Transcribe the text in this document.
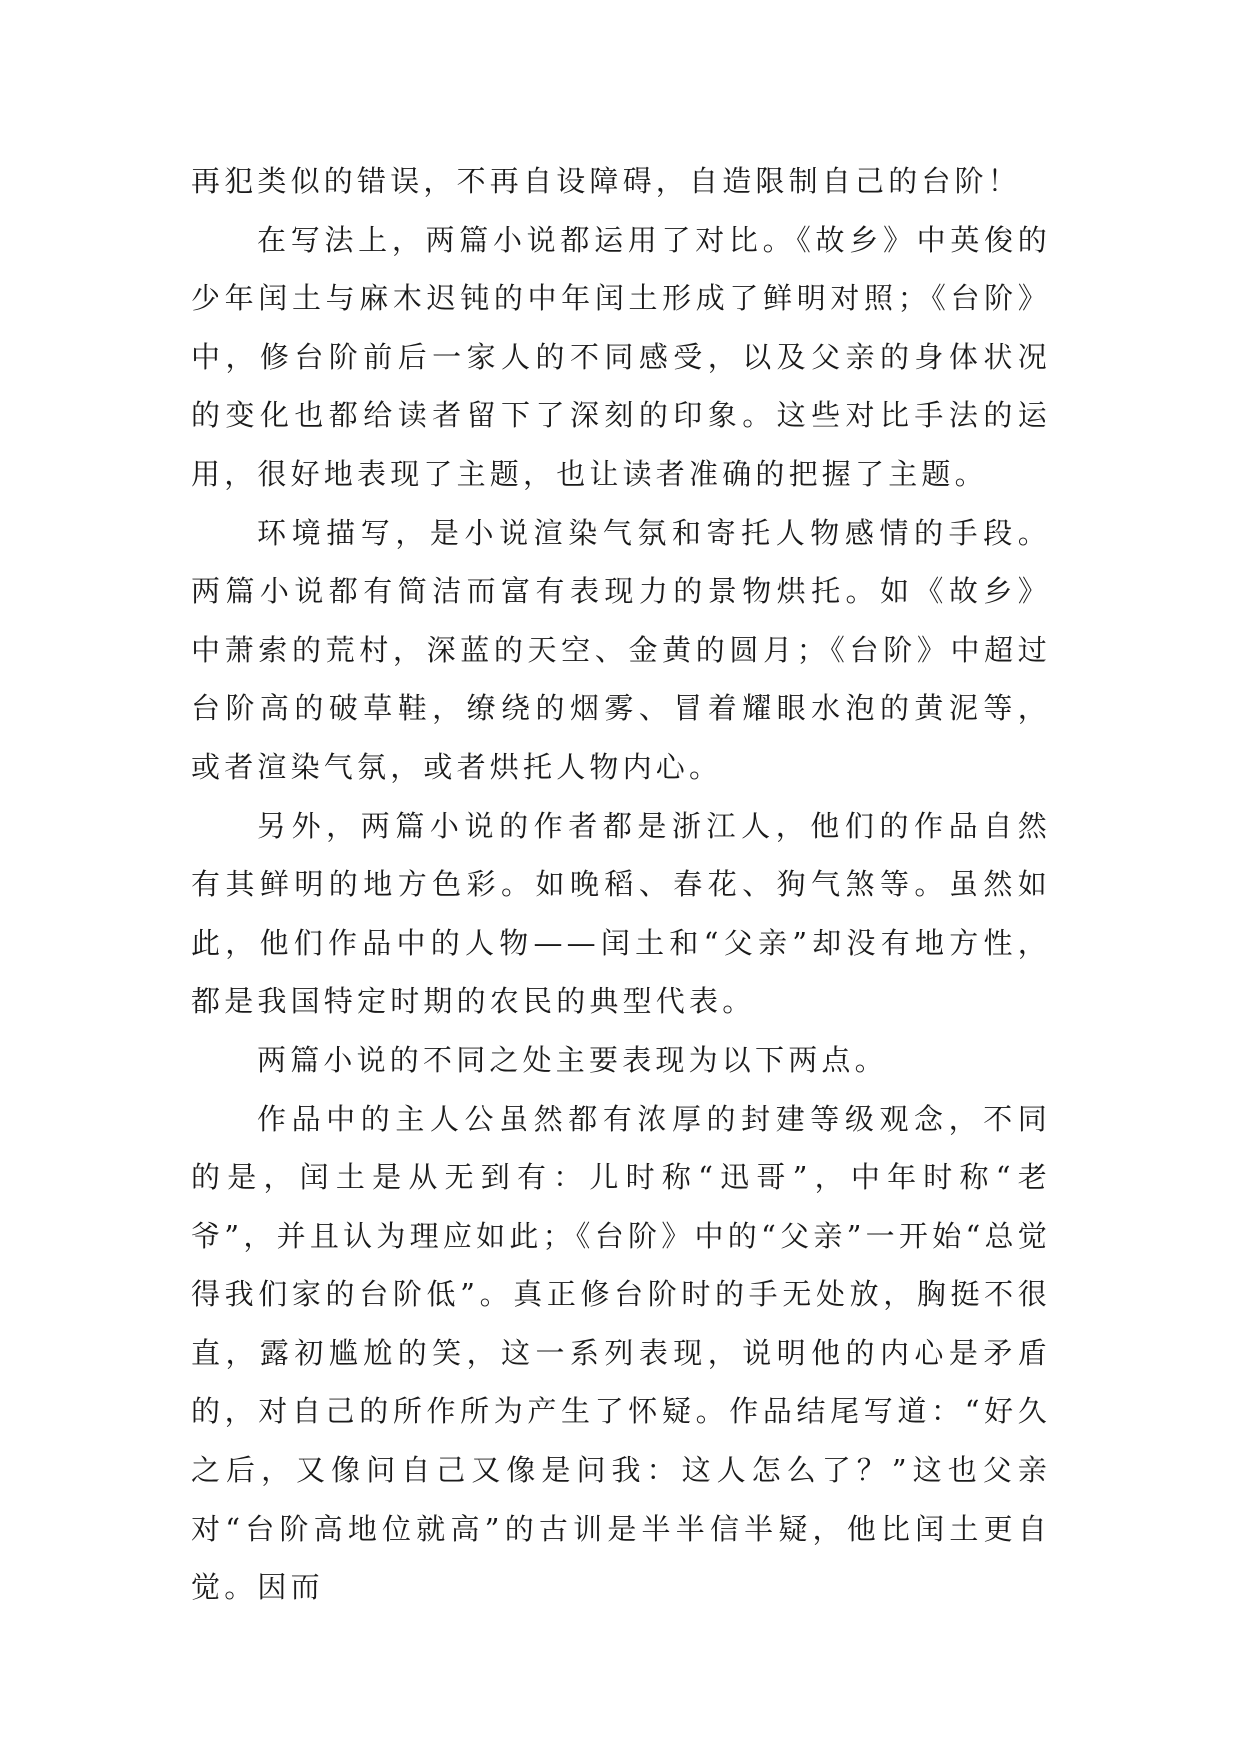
再犯类似的错误，不再自设障碍，自造限制自己的台阶！

在写法上，两篇小说都运用了对比。《故乡》中英俊的少年闰土与麻木迟钝的中年闰土形成了鲜明对照；《台阶》中，修台阶前后一家人的不同感受，以及父亲的身体状况的变化也都给读者留下了深刻的印象。这些对比手法的运用，很好地表现了主题，也让读者准确的把握了主题。

环境描写，是小说渲染气氛和寄托人物感情的手段。两篇小说都有简洁而富有表现力的景物烘托。如《故乡》中萧索的荒村，深蓝的天空、金黄的圆月；《台阶》中超过台阶高的破草鞋，缭绕的烟雾、冒着耀眼水泡的黄泥等，或者渲染气氛，或者烘托人物内心。

另外，两篇小说的作者都是浙江人，他们的作品自然有其鲜明的地方色彩。如晚稻、春花、狗气煞等。虽然如此，他们作品中的人物——闰土和“父亲”却没有地方性，都是我国特定时期的农民的典型代表。

两篇小说的不同之处主要表现为以下两点。

作品中的主人公虽然都有浓厚的封建等级观念，不同的是，闰土是从无到有：儿时称“迅哥”，中年时称“老爷”，并且认为理应如此；《台阶》中的“父亲”一开始“总觉得我们家的台阶低”。真正修台阶时的手无处放，胸挺不很直，露初尴尬的笑，这一系列表现，说明他的内心是矛盾的，对自己的所作所为产生了怀疑。作品结尾写道：“好久之后，又像问自己又像是问我：这人怎么了？”这也父亲对“台阶高地位就高”的古训是半半信半疑，他比闰土更自觉。因而
